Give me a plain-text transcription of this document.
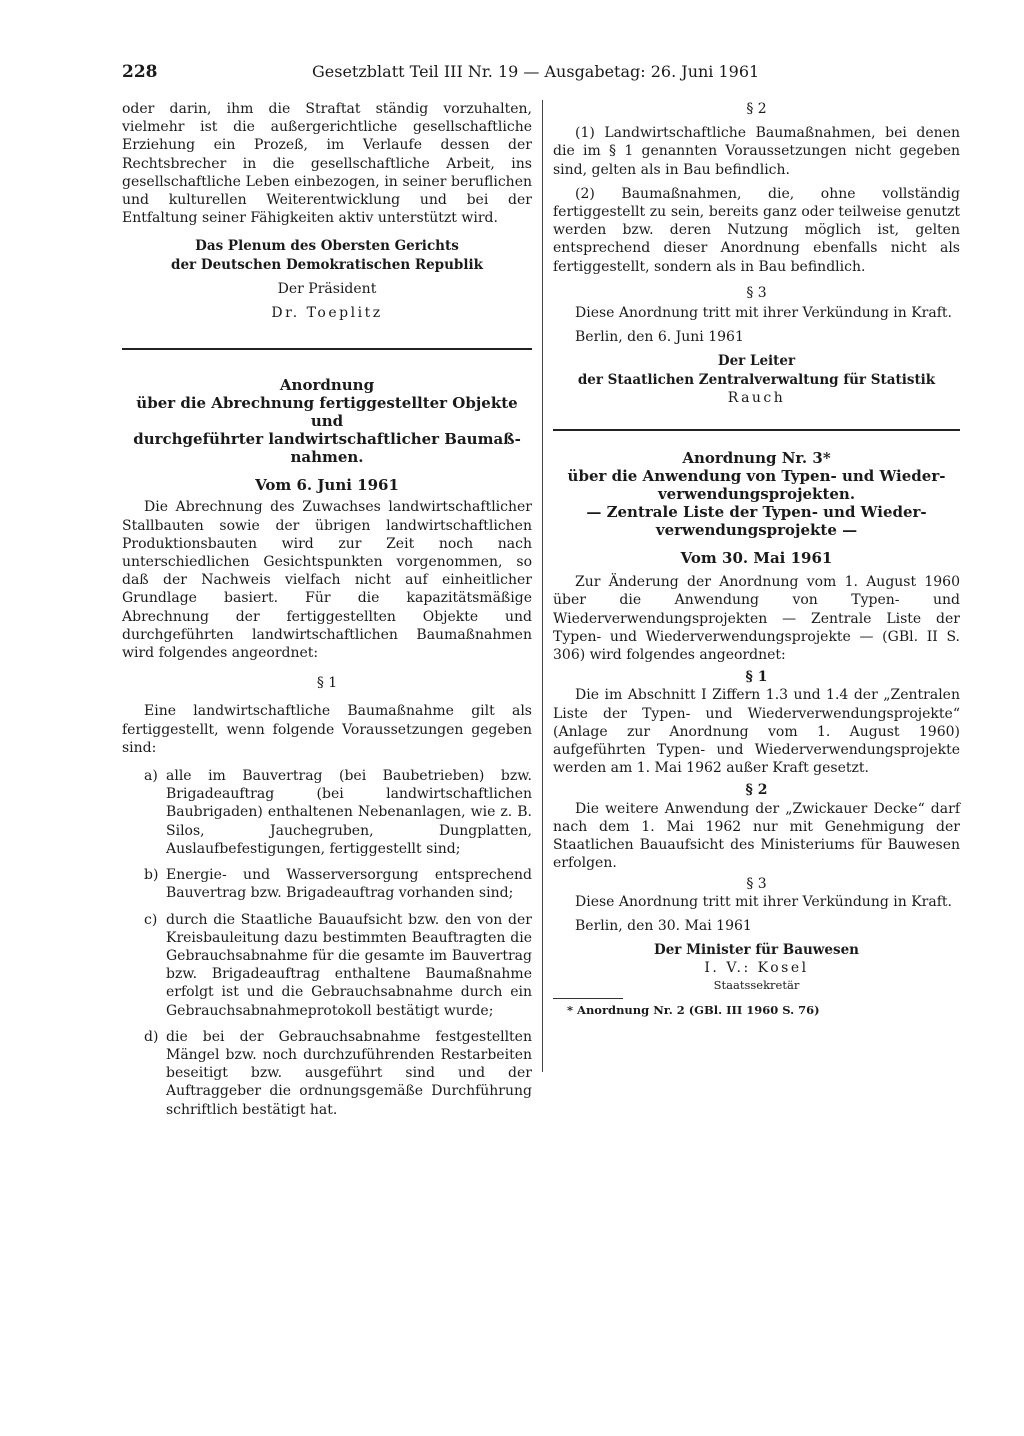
228	Gesetzblatt Teil III Nr. 19 — Ausgabetag: 26. Juni 1961

oder darin, ihm die Straftat ständig vorzuhalten, vielmehr ist die außergerichtliche gesellschaftliche Erziehung ein Prozeß, im Verlaufe dessen der Rechtsbrecher in die gesellschaftliche Arbeit, ins gesellschaftliche Leben einbezogen, in seiner beruflichen und kulturellen Weiterentwicklung und bei der Entfaltung seiner Fähigkeiten aktiv unterstützt wird.

Das Plenum des Obersten Gerichts

der Deutschen Demokratischen Republik

Der Präsident

Dr. Toeplitz

Anordnung

über die Abrechnung fertiggestellter Objekte und

durchgeführter landwirtschaftlicher Baumaß-

nahmen.

Vom 6. Juni 1961

Die Abrechnung des Zuwachses landwirtschaftlicher Stallbauten sowie der übrigen landwirtschaftlichen Produktionsbauten wird zur Zeit noch nach unterschiedlichen Gesichtspunkten vorgenommen, so daß der Nachweis vielfach nicht auf einheitlicher Grundlage basiert. Für die kapazitätsmäßige Abrechnung der fertiggestellten Objekte und durchgeführten landwirtschaftlichen Baumaßnahmen wird folgendes angeordnet:

§ 1

Eine landwirtschaftliche Baumaßnahme gilt als fertiggestellt, wenn folgende Voraussetzungen gegeben sind:

a) alle im Bauvertrag (bei Baubetrieben) bzw. Brigadeauftrag (bei landwirtschaftlichen Baubrigaden) enthaltenen Nebenanlagen, wie z. B. Silos, Jauchegruben, Dungplatten, Auslaufbefestigungen, fertiggestellt sind;
b) Energie- und Wasserversorgung entsprechend Bauvertrag bzw. Brigadeauftrag vorhanden sind;
c) durch die Staatliche Bauaufsicht bzw. den von der Kreisbauleitung dazu bestimmten Beauftragten die Gebrauchsabnahme für die gesamte im Bauvertrag bzw. Brigadeauftrag enthaltene Baumaßnahme erfolgt ist und die Gebrauchsabnahme durch ein Gebrauchsabnahmeprotokoll bestätigt wurde;
d) die bei der Gebrauchsabnahme festgestellten Mängel bzw. noch durchzuführenden Restarbeiten beseitigt bzw. ausgeführt sind und der Auftraggeber die ordnungsgemäße Durchführung schriftlich bestätigt hat.

§ 2

(1) Landwirtschaftliche Baumaßnahmen, bei denen die im § 1 genannten Voraussetzungen nicht gegeben sind, gelten als in Bau befindlich.

(2) Baumaßnahmen, die, ohne vollständig fertiggestellt zu sein, bereits ganz oder teilweise genutzt werden bzw. deren Nutzung möglich ist, gelten entsprechend dieser Anordnung ebenfalls nicht als fertiggestellt, sondern als in Bau befindlich.

§ 3

Diese Anordnung tritt mit ihrer Verkündung in Kraft.

Berlin, den 6. Juni 1961

Der Leiter

der Staatlichen Zentralverwaltung für Statistik

Rauch

Anordnung Nr. 3*

über die Anwendung von Typen- und Wieder-

verwendungsprojekten.

— Zentrale Liste der Typen- und Wieder-

verwendungsprojekte —

Vom 30. Mai 1961

Zur Änderung der Anordnung vom 1. August 1960 über die Anwendung von Typen- und Wiederverwendungsprojekten — Zentrale Liste der Typen- und Wiederverwendungsprojekte — (GBl. II S. 306) wird folgendes angeordnet:

§ 1

Die im Abschnitt I Ziffern 1.3 und 1.4 der „Zentralen Liste der Typen- und Wiederverwendungsprojekte“ (Anlage zur Anordnung vom 1. August 1960) aufgeführten Typen- und Wiederverwendungsprojekte werden am 1. Mai 1962 außer Kraft gesetzt.

§ 2

Die weitere Anwendung der „Zwickauer Decke“ darf nach dem 1. Mai 1962 nur mit Genehmigung der Staatlichen Bauaufsicht des Ministeriums für Bauwesen erfolgen.

§ 3

Diese Anordnung tritt mit ihrer Verkündung in Kraft.

Berlin, den 30. Mai 1961

Der Minister für Bauwesen

I. V.: Kosel

Staatssekretär

* Anordnung Nr. 2 (GBl. III 1960 S. 76)
